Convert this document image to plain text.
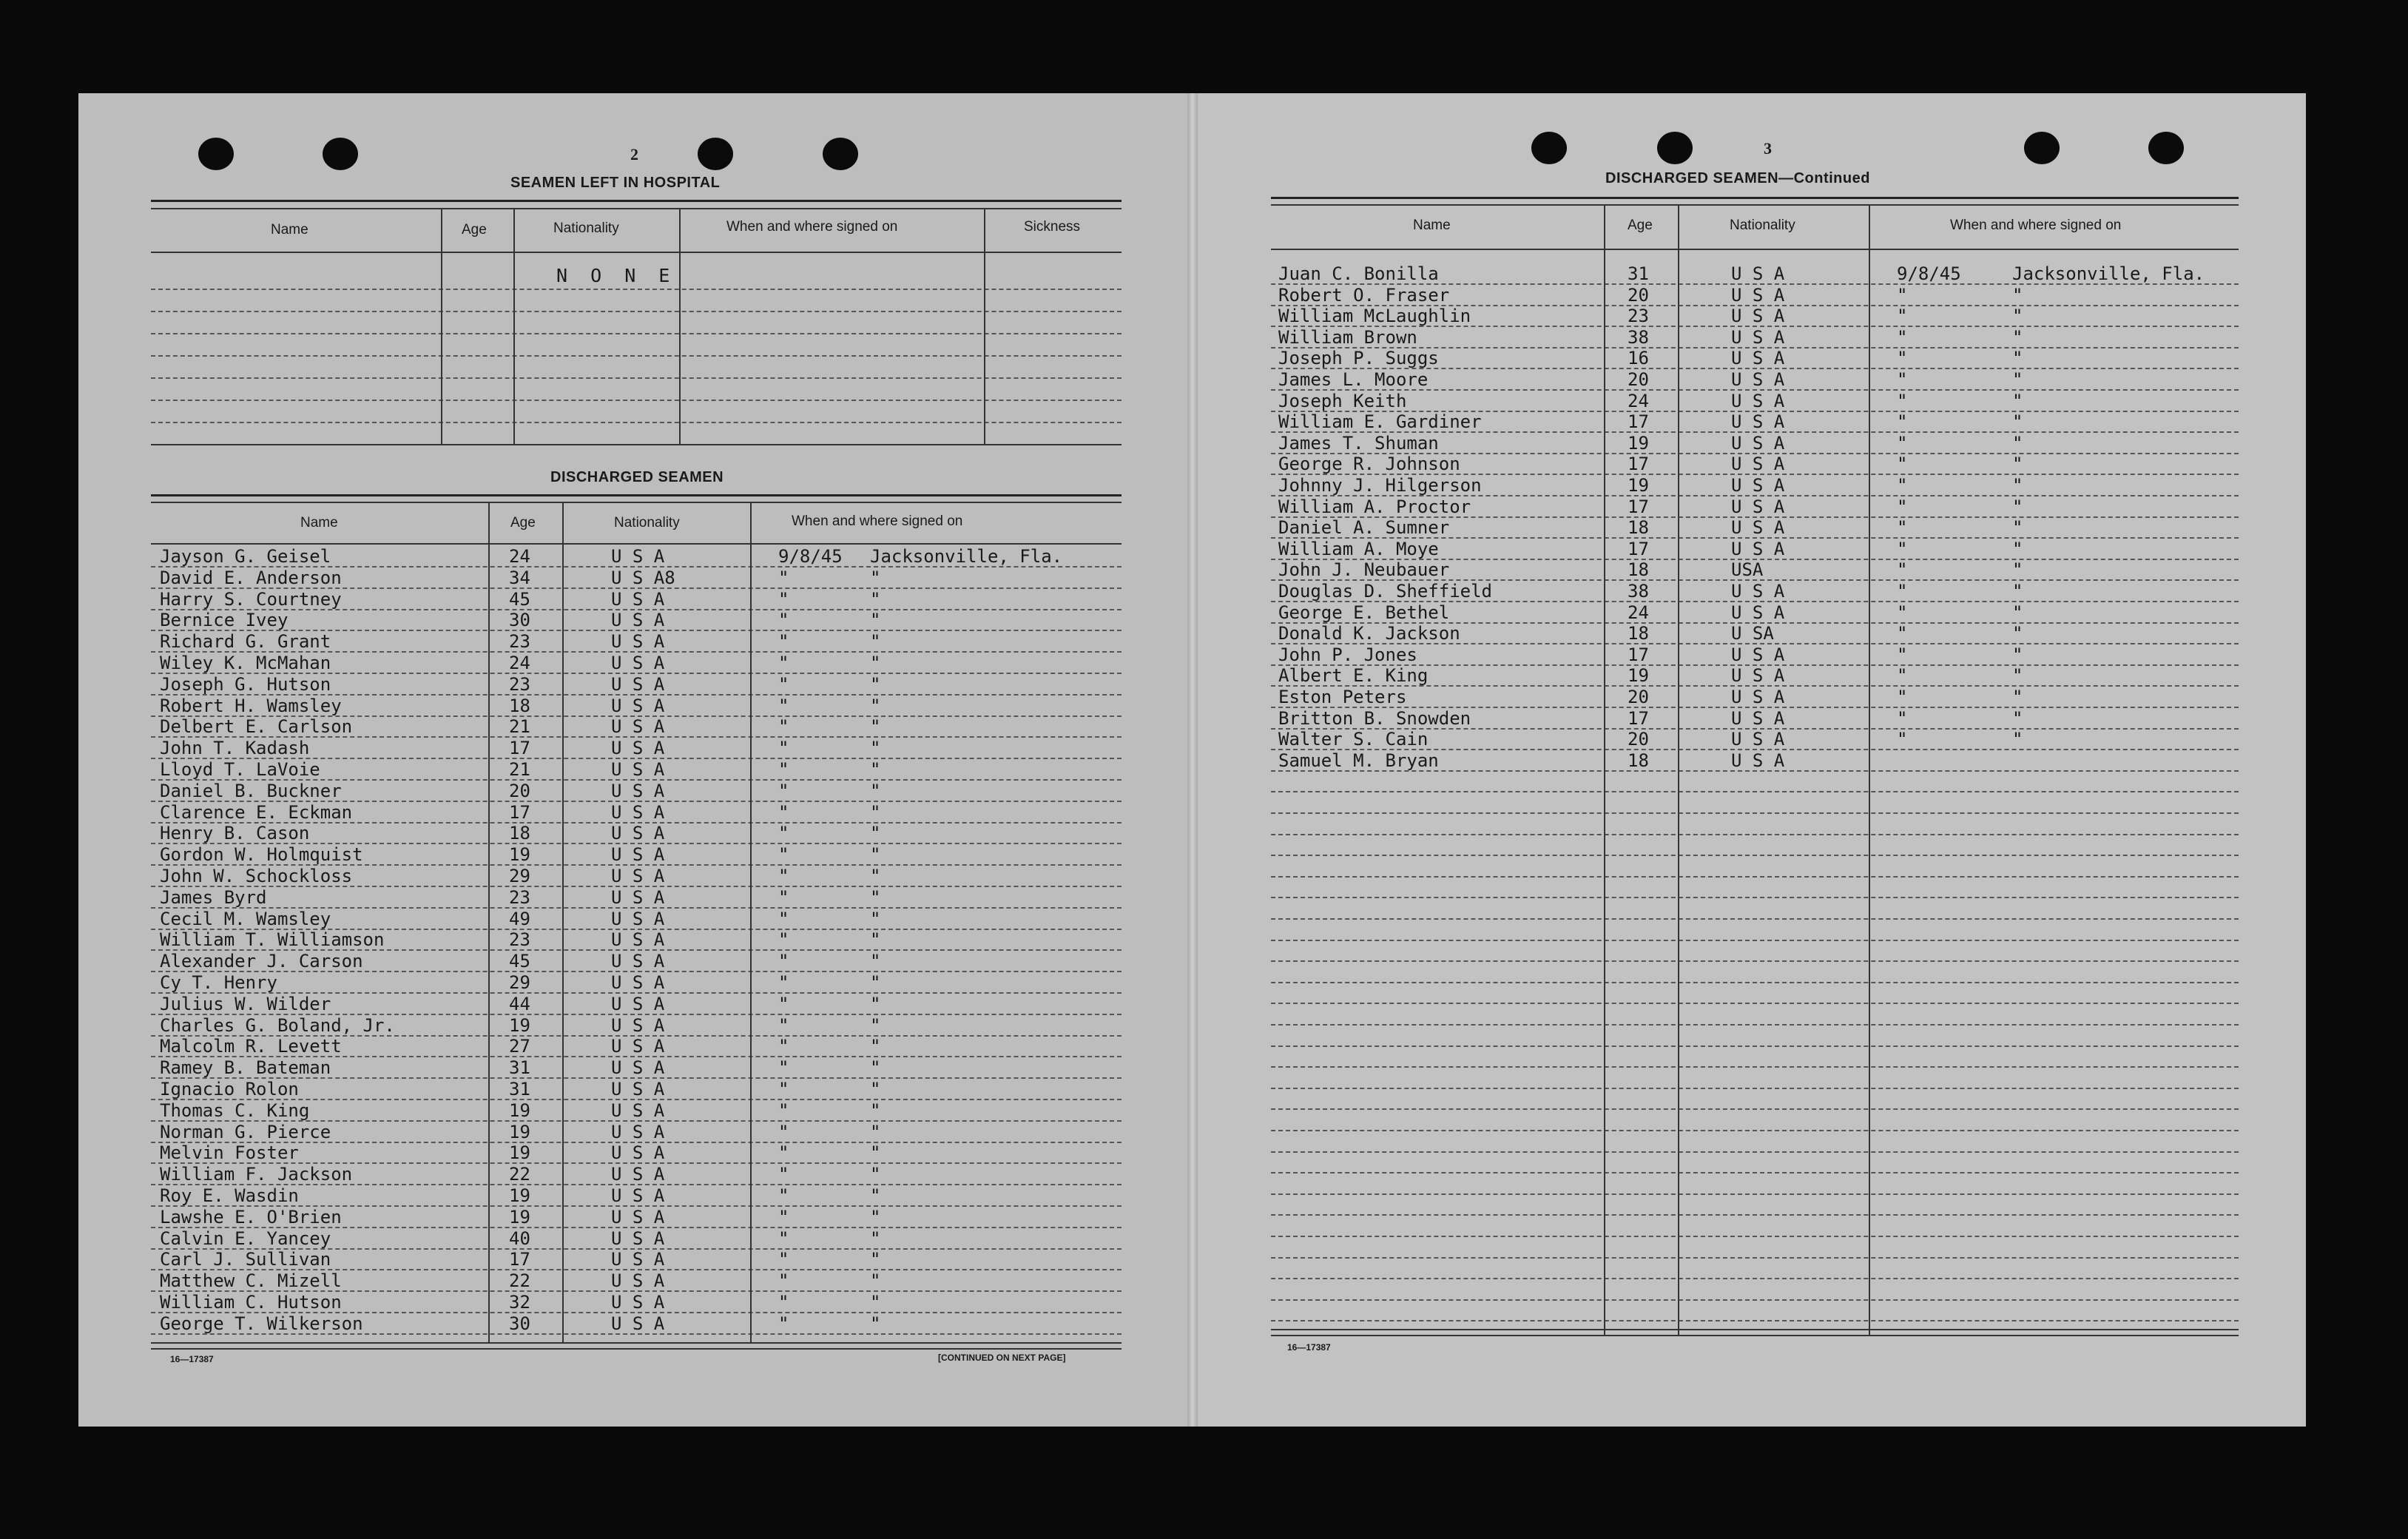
2
SEAMEN LEFT IN HOSPITAL
Name	Age	Nationality	When and where signed on	Sickness
N O N E
DISCHARGED SEAMEN
Name	Age	Nationality	When and where signed on
Jayson G. Geisel	24	U S A	9/8/45 Jacksonville, Fla.
David E. Anderson	34	U S A8	"	"
Harry S. Courtney	45	U S A	"	"
Bernice Ivey	30	U S A	"	"
Richard G. Grant	23	U S A	"	"
Wiley K. McMahan	24	U S A	"	"
Joseph G. Hutson	23	U S A	"	"
Robert H. Wamsley	18	U S A	"	"
Delbert E. Carlson	21	U S A	"	"
John T. Kadash	17	U S A	"	"
Lloyd T. LaVoie	21	U S A	"	"
Daniel B. Buckner	20	U S A	"	"
Clarence E. Eckman	17	U S A	"	"
Henry B. Cason	18	U S A	"	"
Gordon W. Holmquist	19	U S A	"	"
John W. Schockloss	29	U S A	"	"
James Byrd	23	U S A	"	"
Cecil M. Wamsley	49	U S A	"	"
William T. Williamson	23	U S A	"	"
Alexander J. Carson	45	U S A	"	"
Cy T. Henry	29	U S A	"	"
Julius W. Wilder	44	U S A	"	"
Charles G. Boland, Jr.	19	U S A	"	"
Malcolm R. Levett	27	U S A	"	"
Ramey B. Bateman	31	U S A	"	"
Ignacio Rolon	31	U S A	"	"
Thomas C. King	19	U S A	"	"
Norman G. Pierce	19	U S A	"	"
Melvin Foster	19	U S A	"	"
William F. Jackson	22	U S A	"	"
Roy E. Wasdin	19	U S A	"	"
Lawshe E. O'Brien	19	U S A	"	"
Calvin E. Yancey	40	U S A	"	"
Carl J. Sullivan	17	U S A	"	"
Matthew C. Mizell	22	U S A	"	"
William C. Hutson	32	U S A	"	"
George T. Wilkerson	30	U S A	"	"
16—17387	[CONTINUED ON NEXT PAGE]
3
DISCHARGED SEAMEN—Continued
Name	Age	Nationality	When and where signed on
Juan C. Bonilla	31	U S A	9/8/45	Jacksonville, Fla.
Robert O. Fraser	20	U S A	"	"
William McLaughlin	23	U S A	"	"
William Brown	38	U S A	"	"
Joseph P. Suggs	16	U S A	"	"
James L. Moore	20	U S A	"	"
Joseph Keith	24	U S A	"	"
William E. Gardiner	17	U S A	"	"
James T. Shuman	19	U S A	"	"
George R. Johnson	17	U S A	"	"
Johnny J. Hilgerson	19	U S A	"	"
William A. Proctor	17	U S A	"	"
Daniel A. Sumner	18	U S A	"	"
William A. Moye	17	U S A	"	"
John J. Neubauer	18	USA	"	"
Douglas D. Sheffield	38	U S A	"	"
George E. Bethel	24	U S A	"	"
Donald K. Jackson	18	U SA	"	"
John P. Jones	17	U S A	"	"
Albert E. King	19	U S A	"	"
Eston Peters	20	U S A	"	"
Britton B. Snowden	17	U S A	"	"
Walter S. Cain	20	U S A	"	"
Samuel M. Bryan	18	U S A
16—17387
